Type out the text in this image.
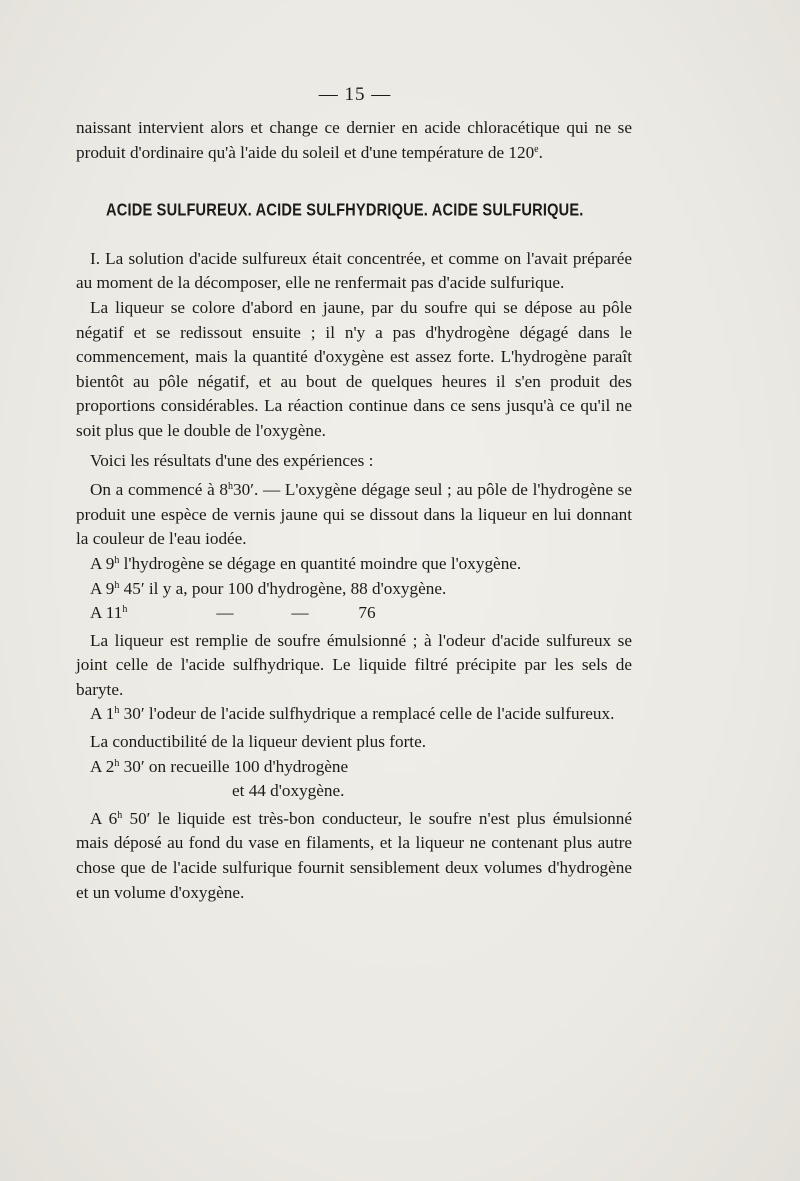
— 15 —

naissant intervient alors et change ce dernier en acide chloracétique qui ne se produit d'ordinaire qu'à l'aide du soleil et d'une température de 120e.

ACIDE SULFUREUX. ACIDE SULFHYDRIQUE. ACIDE SULFURIQUE.

I. La solution d'acide sulfureux était concentrée, et comme on l'avait préparée au moment de la décomposer, elle ne renfermait pas d'acide sulfurique.

La liqueur se colore d'abord en jaune, par du soufre qui se dépose au pôle négatif et se redissout ensuite ; il n'y a pas d'hydrogène dégagé dans le commencement, mais la quantité d'oxygène est assez forte. L'hydrogène paraît bientôt au pôle négatif, et au bout de quelques heures il s'en produit des proportions considérables. La réaction continue dans ce sens jusqu'à ce qu'il ne soit plus que le double de l'oxygène.

Voici les résultats d'une des expériences :

On a commencé à 8$^h$30′. — L'oxygène dégage seul ; au pôle de l'hydrogène se produit une espèce de vernis jaune qui se dissout dans la liqueur en lui donnant la couleur de l'eau iodée.

A 9$^h$ l'hydrogène se dégage en quantité moindre que l'oxygène.

A 9$^h$ 45′ il y a, pour 100 d'hydrogène, 88 d'oxygène.

A 11$^h$	—	—	76

La liqueur est remplie de soufre émulsionné ; à l'odeur d'acide sulfureux se joint celle de l'acide sulfhydrique. Le liquide filtré précipite par les sels de baryte.

A 1$^h$ 30′ l'odeur de l'acide sulfhydrique a remplacé celle de l'acide sulfureux.

La conductibilité de la liqueur devient plus forte.

A 2$^h$ 30′ on recueille 100 d'hydrogène

et 44 d'oxygène.

A 6$^h$ 50′ le liquide est très-bon conducteur, le soufre n'est plus émulsionné mais déposé au fond du vase en filaments, et la liqueur ne contenant plus autre chose que de l'acide sulfurique fournit sensiblement deux volumes d'hydrogène et un volume d'oxygène.
